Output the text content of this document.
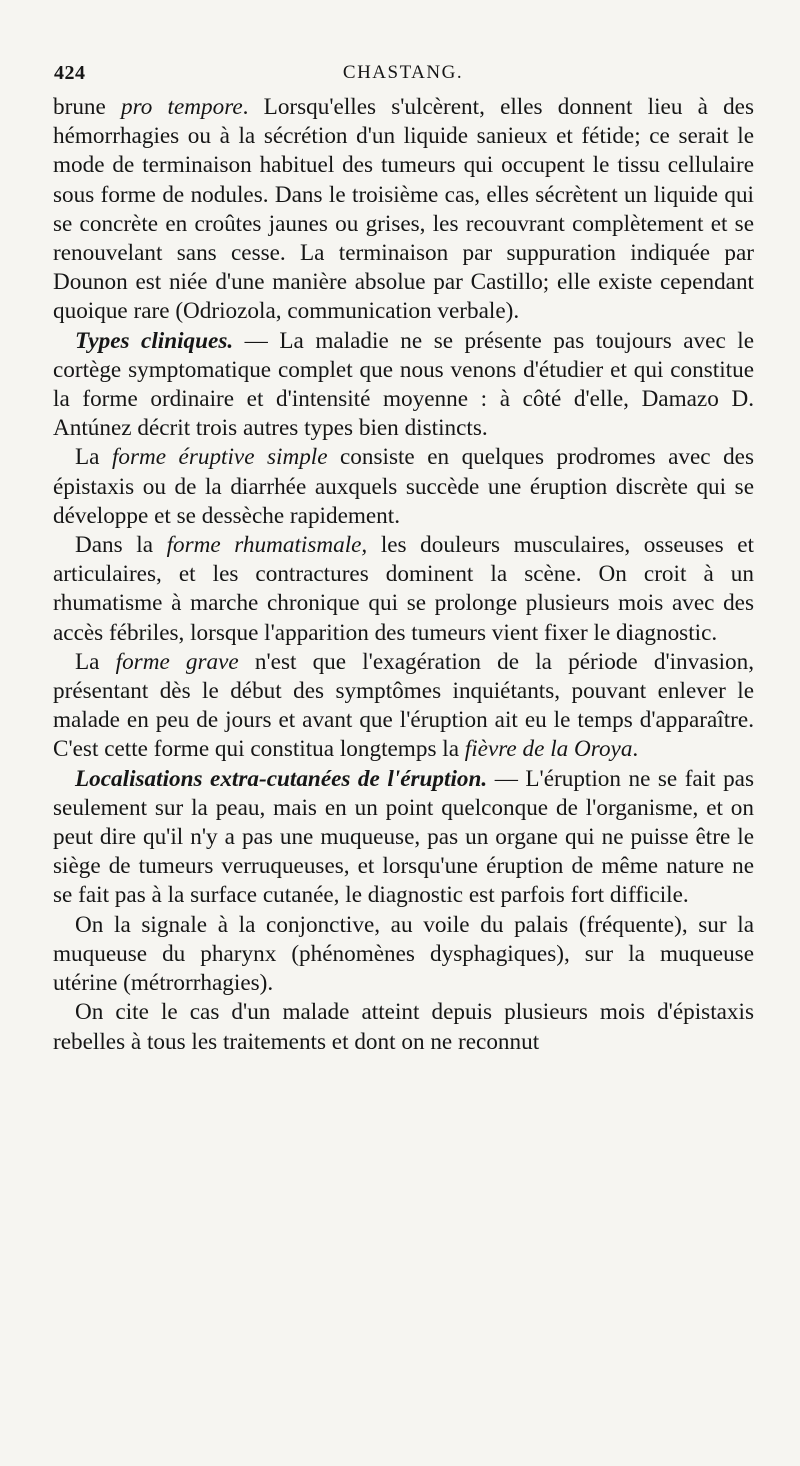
424	CHASTANG.

brune pro tempore. Lorsqu'elles s'ulcèrent, elles donnent lieu à des hémorrhagies ou à la sécrétion d'un liquide sanieux et fétide; ce serait le mode de terminaison habituel des tumeurs qui occupent le tissu cellulaire sous forme de nodules. Dans le troisième cas, elles sécrètent un liquide qui se concrète en croûtes jaunes ou grises, les recouvrant complètement et se renouvelant sans cesse. La terminaison par suppuration indiquée par Dounon est niée d'une manière absolue par Castillo; elle existe cependant quoique rare (Odriozola, communication verbale).

Types cliniques. — La maladie ne se présente pas toujours avec le cortège symptomatique complet que nous venons d'étudier et qui constitue la forme ordinaire et d'intensité moyenne : à côté d'elle, Damazo D. Antúnez décrit trois autres types bien distincts.

La forme éruptive simple consiste en quelques prodromes avec des épistaxis ou de la diarrhée auxquels succède une éruption discrète qui se développe et se dessèche rapidement.

Dans la forme rhumatismale, les douleurs musculaires, osseuses et articulaires, et les contractures dominent la scène. On croit à un rhumatisme à marche chronique qui se prolonge plusieurs mois avec des accès fébriles, lorsque l'apparition des tumeurs vient fixer le diagnostic.

La forme grave n'est que l'exagération de la période d'invasion, présentant dès le début des symptômes inquiétants, pouvant enlever le malade en peu de jours et avant que l'éruption ait eu le temps d'apparaître. C'est cette forme qui constitua longtemps la fièvre de la Oroya.

Localisations extra-cutanées de l'éruption. — L'éruption ne se fait pas seulement sur la peau, mais en un point quelconque de l'organisme, et on peut dire qu'il n'y a pas une muqueuse, pas un organe qui ne puisse être le siège de tumeurs verruqueuses, et lorsqu'une éruption de même nature ne se fait pas à la surface cutanée, le diagnostic est parfois fort difficile.

On la signale à la conjonctive, au voile du palais (fréquente), sur la muqueuse du pharynx (phénomènes dysphagiques), sur la muqueuse utérine (métrorrhagies).

On cite le cas d'un malade atteint depuis plusieurs mois d'épistaxis rebelles à tous les traitements et dont on ne reconnut
